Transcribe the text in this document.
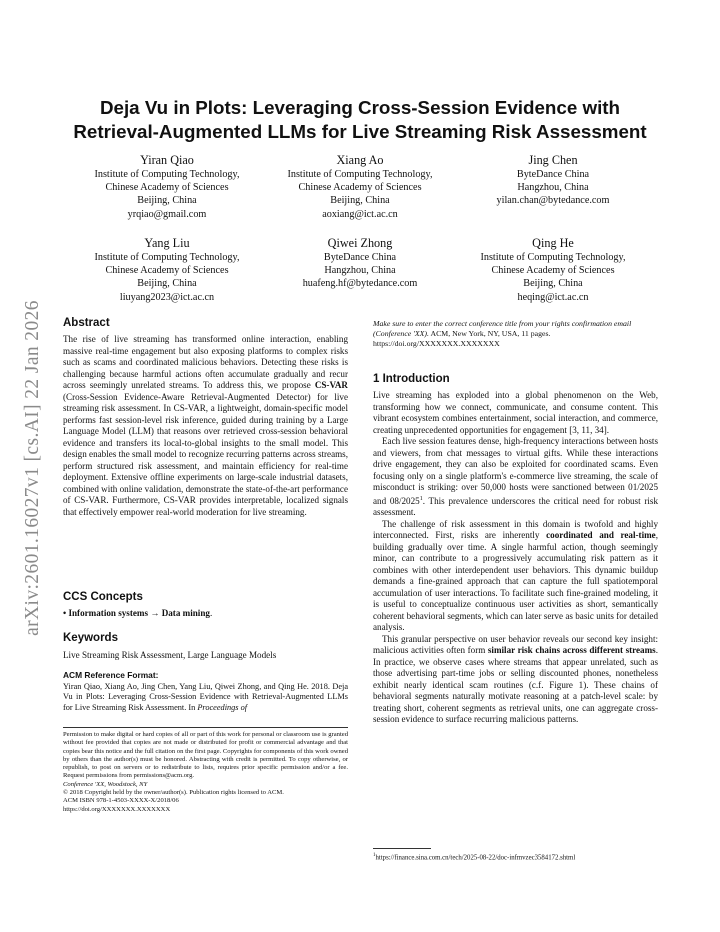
arXiv:2601.16027v1 [cs.AI] 22 Jan 2026
Deja Vu in Plots: Leveraging Cross-Session Evidence with
Retrieval-Augmented LLMs for Live Streaming Risk Assessment
Yiran Qiao
Institute of Computing Technology,
Chinese Academy of Sciences
Beijing, China
yrqiao@gmail.com
Xiang Ao
Institute of Computing Technology,
Chinese Academy of Sciences
Beijing, China
aoxiang@ict.ac.cn
Jing Chen
ByteDance China
Hangzhou, China
yilan.chan@bytedance.com
Yang Liu
Institute of Computing Technology,
Chinese Academy of Sciences
Beijing, China
liuyang2023@ict.ac.cn
Qiwei Zhong
ByteDance China
Hangzhou, China
huafeng.hf@bytedance.com
Qing He
Institute of Computing Technology,
Chinese Academy of Sciences
Beijing, China
heqing@ict.ac.cn
Abstract

The rise of live streaming has transformed online interaction, enabling massive real-time engagement but also exposing platforms to complex risks such as scams and coordinated malicious behaviors. Detecting these risks is challenging because harmful actions often accumulate gradually and recur across seemingly unrelated streams. To address this, we propose CS-VAR (Cross-Session Evidence-Aware Retrieval-Augmented Detector) for live streaming risk assessment. In CS-VAR, a lightweight, domain-specific model performs fast session-level risk inference, guided during training by a Large Language Model (LLM) that reasons over retrieved cross-session behavioral evidence and transfers its local-to-global insights to the small model. This design enables the small model to recognize recurring patterns across streams, perform structured risk assessment, and maintain efficiency for real-time deployment. Extensive offline experiments on large-scale industrial datasets, combined with online validation, demonstrate the state-of-the-art performance of CS-VAR. Furthermore, CS-VAR provides interpretable, localized signals that effectively empower real-world moderation for live streaming.

CCS Concepts

• Information systems → Data mining.

Keywords

Live Streaming Risk Assessment, Large Language Models

ACM Reference Format:
Yiran Qiao, Xiang Ao, Jing Chen, Yang Liu, Qiwei Zhong, and Qing He. 2018. Deja Vu in Plots: Leveraging Cross-Session Evidence with Retrieval-Augmented LLMs for Live Streaming Risk Assessment. In Proceedings of

Permission to make digital or hard copies of all or part of this work for personal or classroom use is granted without fee provided that copies are not made or distributed for profit or commercial advantage and that copies bear this notice and the full citation on the first page. Copyrights for components of this work owned by others than the author(s) must be honored. Abstracting with credit is permitted. To copy otherwise, or republish, to post on servers or to redistribute to lists, requires prior specific permission and/or a fee. Request permissions from permissions@acm.org.

Conference 'XX, Woodstock, NY

© 2018 Copyright held by the owner/author(s). Publication rights licensed to ACM.

ACM ISBN 978-1-4503-XXXX-X/2018/06

https://doi.org/XXXXXXX.XXXXXXX

Make sure to enter the correct conference title from your rights confirmation email (Conference 'XX). ACM, New York, NY, USA, 11 pages. https://doi.org/XXXXXXX.XXXXXXX

1 Introduction

Live streaming has exploded into a global phenomenon on the Web, transforming how we connect, communicate, and consume content. This vibrant ecosystem combines entertainment, social interaction, and commerce, creating unprecedented opportunities for engagement [3, 11, 34].

Each live session features dense, high-frequency interactions between hosts and viewers, from chat messages to virtual gifts. While these interactions drive engagement, they can also be exploited for coordinated scams. Even focusing only on a single platform's e-commerce live streaming, the scale of misconduct is striking: over 50,000 hosts were sanctioned between 01/2025 and 08/2025$^1$. This prevalence underscores the critical need for robust risk assessment.

The challenge of risk assessment in this domain is twofold and highly interconnected. First, risks are inherently coordinated and real-time, building gradually over time. A single harmful action, though seemingly minor, can contribute to a progressively accumulating risk pattern as it combines with other interdependent user behaviors. This dynamic buildup demands a fine-grained approach that can capture the full spatiotemporal accumulation of user interactions. To facilitate such fine-grained modeling, it is useful to conceptualize continuous user activities as short, semantically coherent behavioral segments, which can later serve as basic units for detailed analysis.

This granular perspective on user behavior reveals our second key insight: malicious activities often form similar risk chains across different streams. In practice, we observe cases where streams that appear unrelated, such as those advertising part-time jobs or selling discounted phones, nonetheless exhibit nearly identical scam routines (c.f. Figure 1). These chains of behavioral segments naturally motivate reasoning at a patch-level scale: by treating short, coherent segments as retrieval units, one can aggregate cross-session evidence to surface recurring malicious patterns.

$^1$https://finance.sina.com.cn/tech/2025-08-22/doc-infmvzec3584172.shtml
